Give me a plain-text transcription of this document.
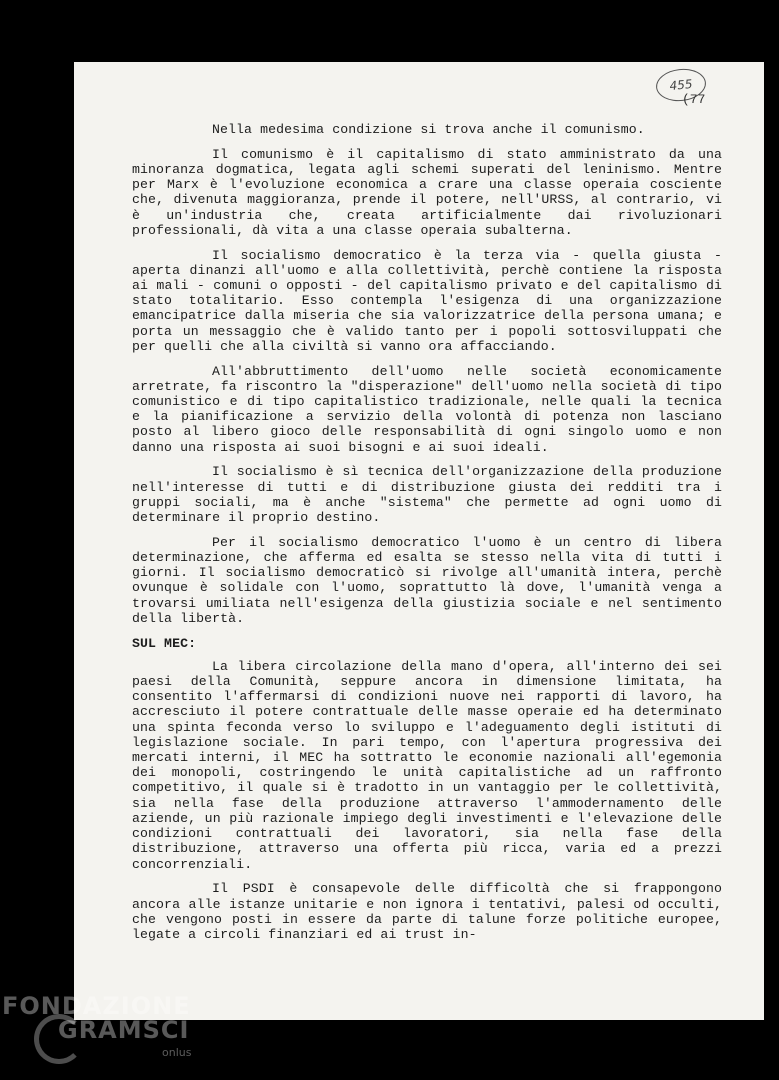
455
(77

Nella medesima condizione si trova anche il comunismo.

Il comunismo è il capitalismo di stato amministrato da una minoranza dogmatica, legata agli schemi superati del leninismo. Mentre per Marx è l'evoluzione economica a crare una classe operaia cosciente che, divenuta maggioranza, prende il potere, nell'URSS, al contrario, vi è un'industria che, creata artificialmente dai rivoluzionari professionali, dà vita a una classe operaia subalterna.

Il socialismo democratico è la terza via - quella giusta - aperta dinanzi all'uomo e alla collettività, perchè contiene la risposta ai mali - comuni o opposti - del capitalismo privato e del capitalismo di stato totalitario. Esso contempla l'esigenza di una organizzazione emancipatrice dalla miseria che sia valorizzatrice della persona umana; e porta un messaggio che è valido tanto per i popoli sottosviluppati che per quelli che alla civiltà si vanno ora affacciando.

All'abbruttimento dell'uomo nelle società economicamente arretrate, fa riscontro la "disperazione" dell'uomo nella società di tipo comunistico e di tipo capitalistico tradizionale, nelle quali la tecnica e la pianificazione a servizio della volontà di potenza non lasciano posto al libero gioco delle responsabilità di ogni singolo uomo e non danno una risposta ai suoi bisogni e ai suoi ideali.

Il socialismo è sì tecnica dell'organizzazione della produzione nell'interesse di tutti e di distribuzione giusta dei redditi tra i gruppi sociali, ma è anche "sistema" che permette ad ogni uomo di determinare il proprio destino.

Per il socialismo democratico l'uomo è un centro di libera determinazione, che afferma ed esalta se stesso nella vita di tutti i giorni. Il socialismo democraticò si rivolge all'umanità intera, perchè ovunque è solidale con l'uomo, soprattutto là dove, l'umanità venga a trovarsi umiliata nell'esigenza della giustizia sociale e nel sentimento della libertà.

SUL MEC:

La libera circolazione della mano d'opera, all'interno dei sei paesi della Comunità, seppure ancora in dimensione limitata, ha consentito l'affermarsi di condizioni nuove nei rapporti di lavoro, ha accresciuto il potere contrattuale delle masse operaie ed ha determinato una spinta feconda verso lo sviluppo e l'adeguamento degli istituti di legislazione sociale. In pari tempo, con l'apertura progressiva dei mercati interni, il MEC ha sottratto le economie nazionali all'egemonia dei monopoli, costringendo le unità capitalistiche ad un raffronto competitivo, il quale si è tradotto in un vantaggio per le collettività, sia nella fase della produzione attraverso l'ammodernamento delle aziende, un più razionale impiego degli investimenti e l'elevazione delle condizioni contrattuali dei lavoratori, sia nella fase della distribuzione, attraverso una offerta più ricca, varia ed a prezzi concorrenziali.

Il PSDI è consapevole delle difficoltà che si frappongono ancora alle istanze unitarie e non ignora i tentativi, palesi od occulti, che vengono posti in essere da parte di talune forze politiche europee, legate a circoli finanziari ed ai trust in-

FONDAZIONE
GRAMSCI
onlus
